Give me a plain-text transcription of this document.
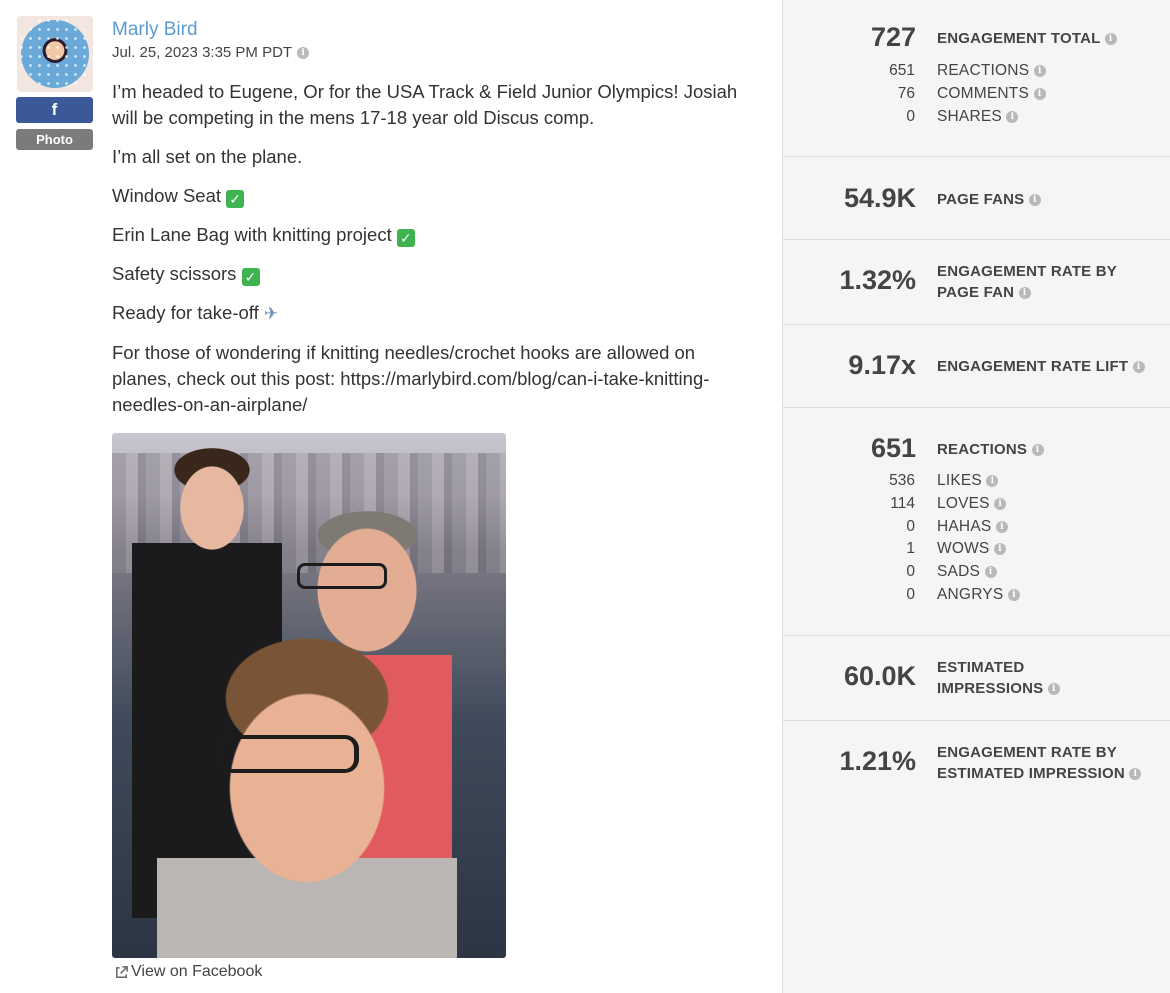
f
Photo
Marly Bird
Jul. 25, 2023 3:35 PM PDT	i

I’m headed to Eugene, Or for the USA Track & Field Junior Olympics! Josiah will be competing in the mens 17-18 year old Discus comp.

I’m all set on the plane.

Window Seat ✓

Erin Lane Bag with knitting project ✓

Safety scissors ✓

Ready for take-off ✈

For those of wondering if knitting needles/crochet hooks are allowed on planes, check out this post: https://marlybird.com/blog/can-i-take-knitting-needles-on-an-airplane/

View on Facebook
727 ENGAGEMENT TOTAL i
651 REACTIONS i
76 COMMENTS i
0 SHARES i
54.9K PAGE FANS i
1.32% ENGAGEMENT RATE BY
PAGE FAN i
9.17x ENGAGEMENT RATE LIFT i
651 REACTIONS i
536 LIKES i
114 LOVES i
0 HAHAS i
1 WOWS i
0 SADS i
0 ANGRYS i
60.0K ESTIMATED
IMPRESSIONS i
1.21% ENGAGEMENT RATE BY
ESTIMATED IMPRESSION i
